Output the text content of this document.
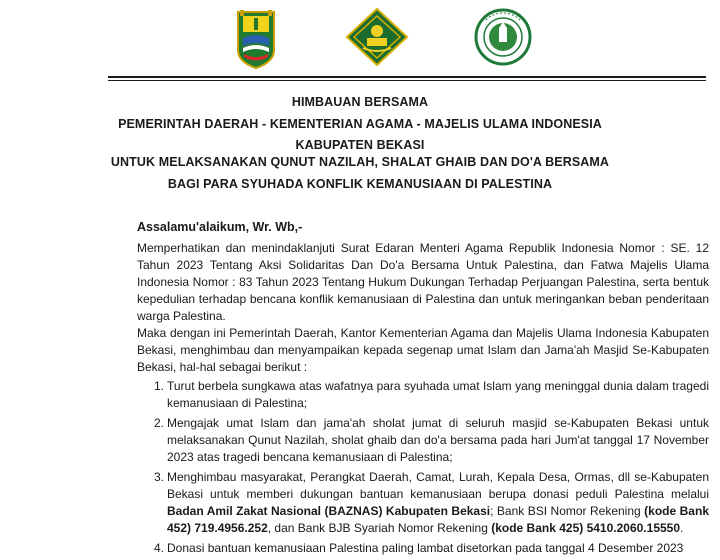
HIMBAUAN BERSAMA
PEMERINTAH DAERAH - KEMENTERIAN AGAMA - MAJELIS ULAMA INDONESIA
KABUPATEN BEKASI
UNTUK MELAKSANAKAN QUNUT NAZILAH, SHALAT GHAIB DAN DO'A BERSAMA
BAGI PARA SYUHADA KONFLIK KEMANUSIAAN DI PALESTINA
Assalamu'alaikum, Wr. Wb,-
Memperhatikan dan menindaklanjuti Surat Edaran Menteri Agama Republik Indonesia Nomor : SE. 12 Tahun 2023 Tentang Aksi Solidaritas Dan Do'a Bersama Untuk Palestina, dan Fatwa Majelis Ulama Indonesia Nomor : 83 Tahun 2023 Tentang Hukum Dukungan Terhadap Perjuangan Palestina, serta bentuk kepedulian terhadap bencana konflik kemanusiaan di Palestina dan untuk meringankan beban penderitaan warga Palestina.
Maka dengan ini Pemerintah Daerah, Kantor Kementerian Agama dan Majelis Ulama Indonesia Kabupaten Bekasi, menghimbau dan menyampaikan kepada segenap umat Islam dan Jama'ah Masjid Se-Kabupaten Bekasi, hal-hal sebagai berikut :
1. Turut berbela sungkawa atas wafatnya para syuhada umat Islam yang meninggal dunia dalam tragedi kemanusiaan di Palestina;
2. Mengajak umat Islam dan jama'ah sholat jumat di seluruh masjid se-Kabupaten Bekasi untuk melaksanakan Qunut Nazilah, sholat ghaib dan do'a bersama pada hari Jum'at tanggal 17 November 2023 atas tragedi bencana kemanusiaan di Palestina;
3. Menghimbau masyarakat, Perangkat Daerah, Camat, Lurah, Kepala Desa, Ormas, dll se-Kabupaten Bekasi untuk memberi dukungan bantuan kemanusiaan berupa donasi peduli Palestina melalui Badan Amil Zakat Nasional (BAZNAS) Kabupaten Bekasi; Bank BSI Nomor Rekening (kode Bank 452) 719.4956.252, dan Bank BJB Syariah Nomor Rekening (kode Bank 425) 5410.2060.15550.
4. Donasi bantuan kemanusiaan Palestina paling lambat disetorkan pada tanggal 4 Desember 2023
